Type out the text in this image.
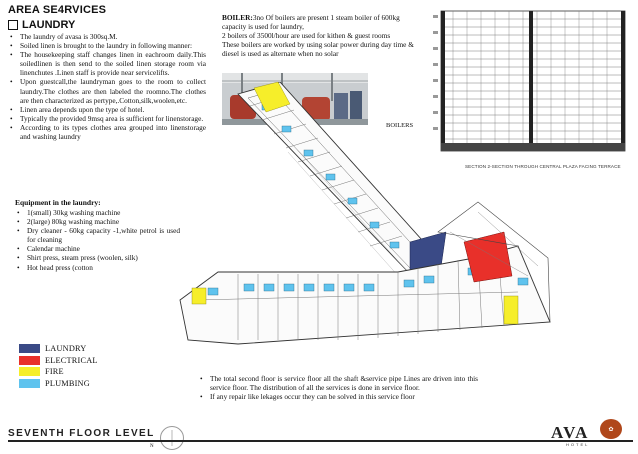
AREA SE4RVICES
LAUNDRY
• The laundry of avasa is 300sq.M.
• Soiled linen is brought to the laundry in following manner:
• The housekeeping staff changes linen in eachroom daily.This soiledlinen is then send to the soiled linen storage room via linenchutes .Linen staff is provide near servicelifts.
• Upon guestcall,the laundryman goes to the room to collect laundry.The clothes are then labeled the roomno.The clothes are then characterized as pertype,.Cotton,silk,woolen,etc.
• Linen area depends upon the type of hotel.
• Typically the provided 9msq area is sufficient for linenstorage.
• According to its types clothes area grouped into linenstorage and washing laundry
Equipment in the laundry:
• 1(small) 30kg washing machine
• 2(large) 80kg washing machine
• Dry cleaner - 60kg capacity -1,white petrol is used for cleaning
• Calendar machine
• Shirt press, steam press (woolen, silk)
• Hot head press (cotton
BOILER:3no Of boilers are present 1 steam boiler of 600kg capacity is used for laundry,
2 boilers of 3500l/hour are used for kithen & guest rooms
These boilers are worked by using solar power during day time & diesel is used as alternate when no solar
BOILERS
SECTION 2-SECTION THROUGH CENTRAL PLAZA FACING TERRACE
LAUNDRY
ELECTRICAL
FIRE
PLUMBING
• The total second floor is service floor all the shaft &service pipe Lines are driven into this service floor. The distribution of all the services is done in service floor.
• If any repair like lekages occur they can be solved in this service floor
SEVENTH FLOOR LEVEL
N
AVA
HOTEL
✿
